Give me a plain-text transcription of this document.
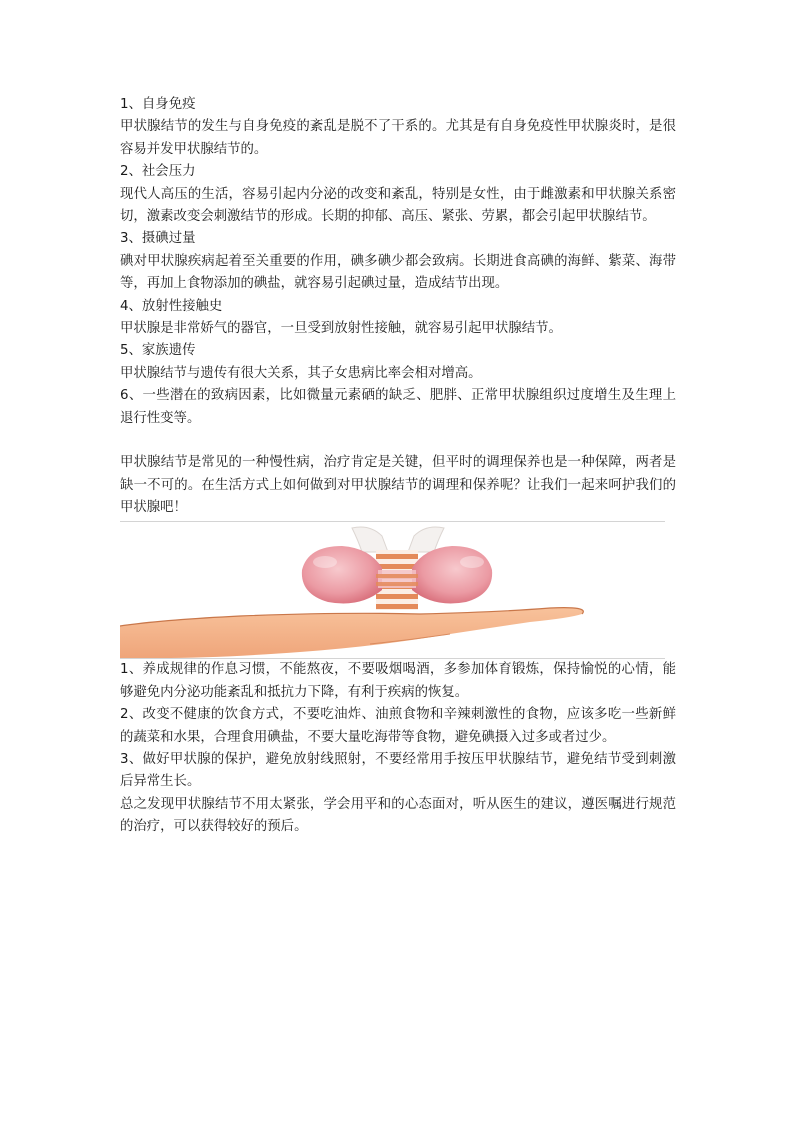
1、自身免疫

甲状腺结节的发生与自身免疫的紊乱是脱不了干系的。尤其是有自身免疫性甲状腺炎时，是很容易并发甲状腺结节的。

2、社会压力

现代人高压的生活，容易引起内分泌的改变和紊乱，特别是女性，由于雌激素和甲状腺关系密切，激素改变会刺激结节的形成。长期的抑郁、高压、紧张、劳累，都会引起甲状腺结节。

3、摄碘过量

碘对甲状腺疾病起着至关重要的作用，碘多碘少都会致病。长期进食高碘的海鲜、紫菜、海带等，再加上食物添加的碘盐，就容易引起碘过量，造成结节出现。

4、放射性接触史

甲状腺是非常娇气的器官，一旦受到放射性接触，就容易引起甲状腺结节。

5、家族遗传

甲状腺结节与遗传有很大关系，其子女患病比率会相对增高。

6、一些潜在的致病因素，比如微量元素硒的缺乏、肥胖、正常甲状腺组织过度增生及生理上退行性变等。

甲状腺结节是常见的一种慢性病，治疗肯定是关键，但平时的调理保养也是一种保障，两者是缺一不可的。在生活方式上如何做到对甲状腺结节的调理和保养呢？让我们一起来呵护我们的甲状腺吧！

1、养成规律的作息习惯，不能熬夜，不要吸烟喝酒，多参加体育锻炼，保持愉悦的心情，能够避免内分泌功能紊乱和抵抗力下降，有利于疾病的恢复。

2、改变不健康的饮食方式，不要吃油炸、油煎食物和辛辣刺激性的食物，应该多吃一些新鲜的蔬菜和水果，合理食用碘盐，不要大量吃海带等食物，避免碘摄入过多或者过少。

3、做好甲状腺的保护，避免放射线照射，不要经常用手按压甲状腺结节，避免结节受到刺激后异常生长。

总之发现甲状腺结节不用太紧张，学会用平和的心态面对，听从医生的建议，遵医嘱进行规范的治疗，可以获得较好的预后。
